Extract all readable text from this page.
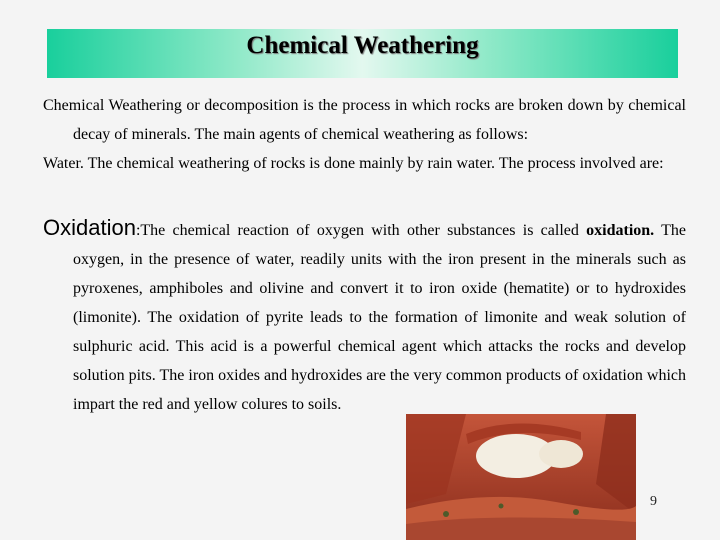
Chemical Weathering
Chemical Weathering or decomposition is the process in which rocks are broken down by chemical decay of minerals. The main agents of chemical weathering as follows:
Water. The chemical weathering of rocks is done mainly by rain water. The process involved are:
Oxidation:The chemical reaction of oxygen with other substances is called oxidation. The oxygen, in the presence of water, readily units with the iron present in the minerals such as pyroxenes, amphiboles and olivine and convert it to iron oxide (hematite) or to hydroxides (limonite). The oxidation of pyrite leads to the formation of limonite and weak solution of sulphuric acid. This acid is a powerful chemical agent which attacks the rocks and develop solution pits. The iron oxides and hydroxides are the very common products of oxidation which impart the red and yellow colures to soils.
9
